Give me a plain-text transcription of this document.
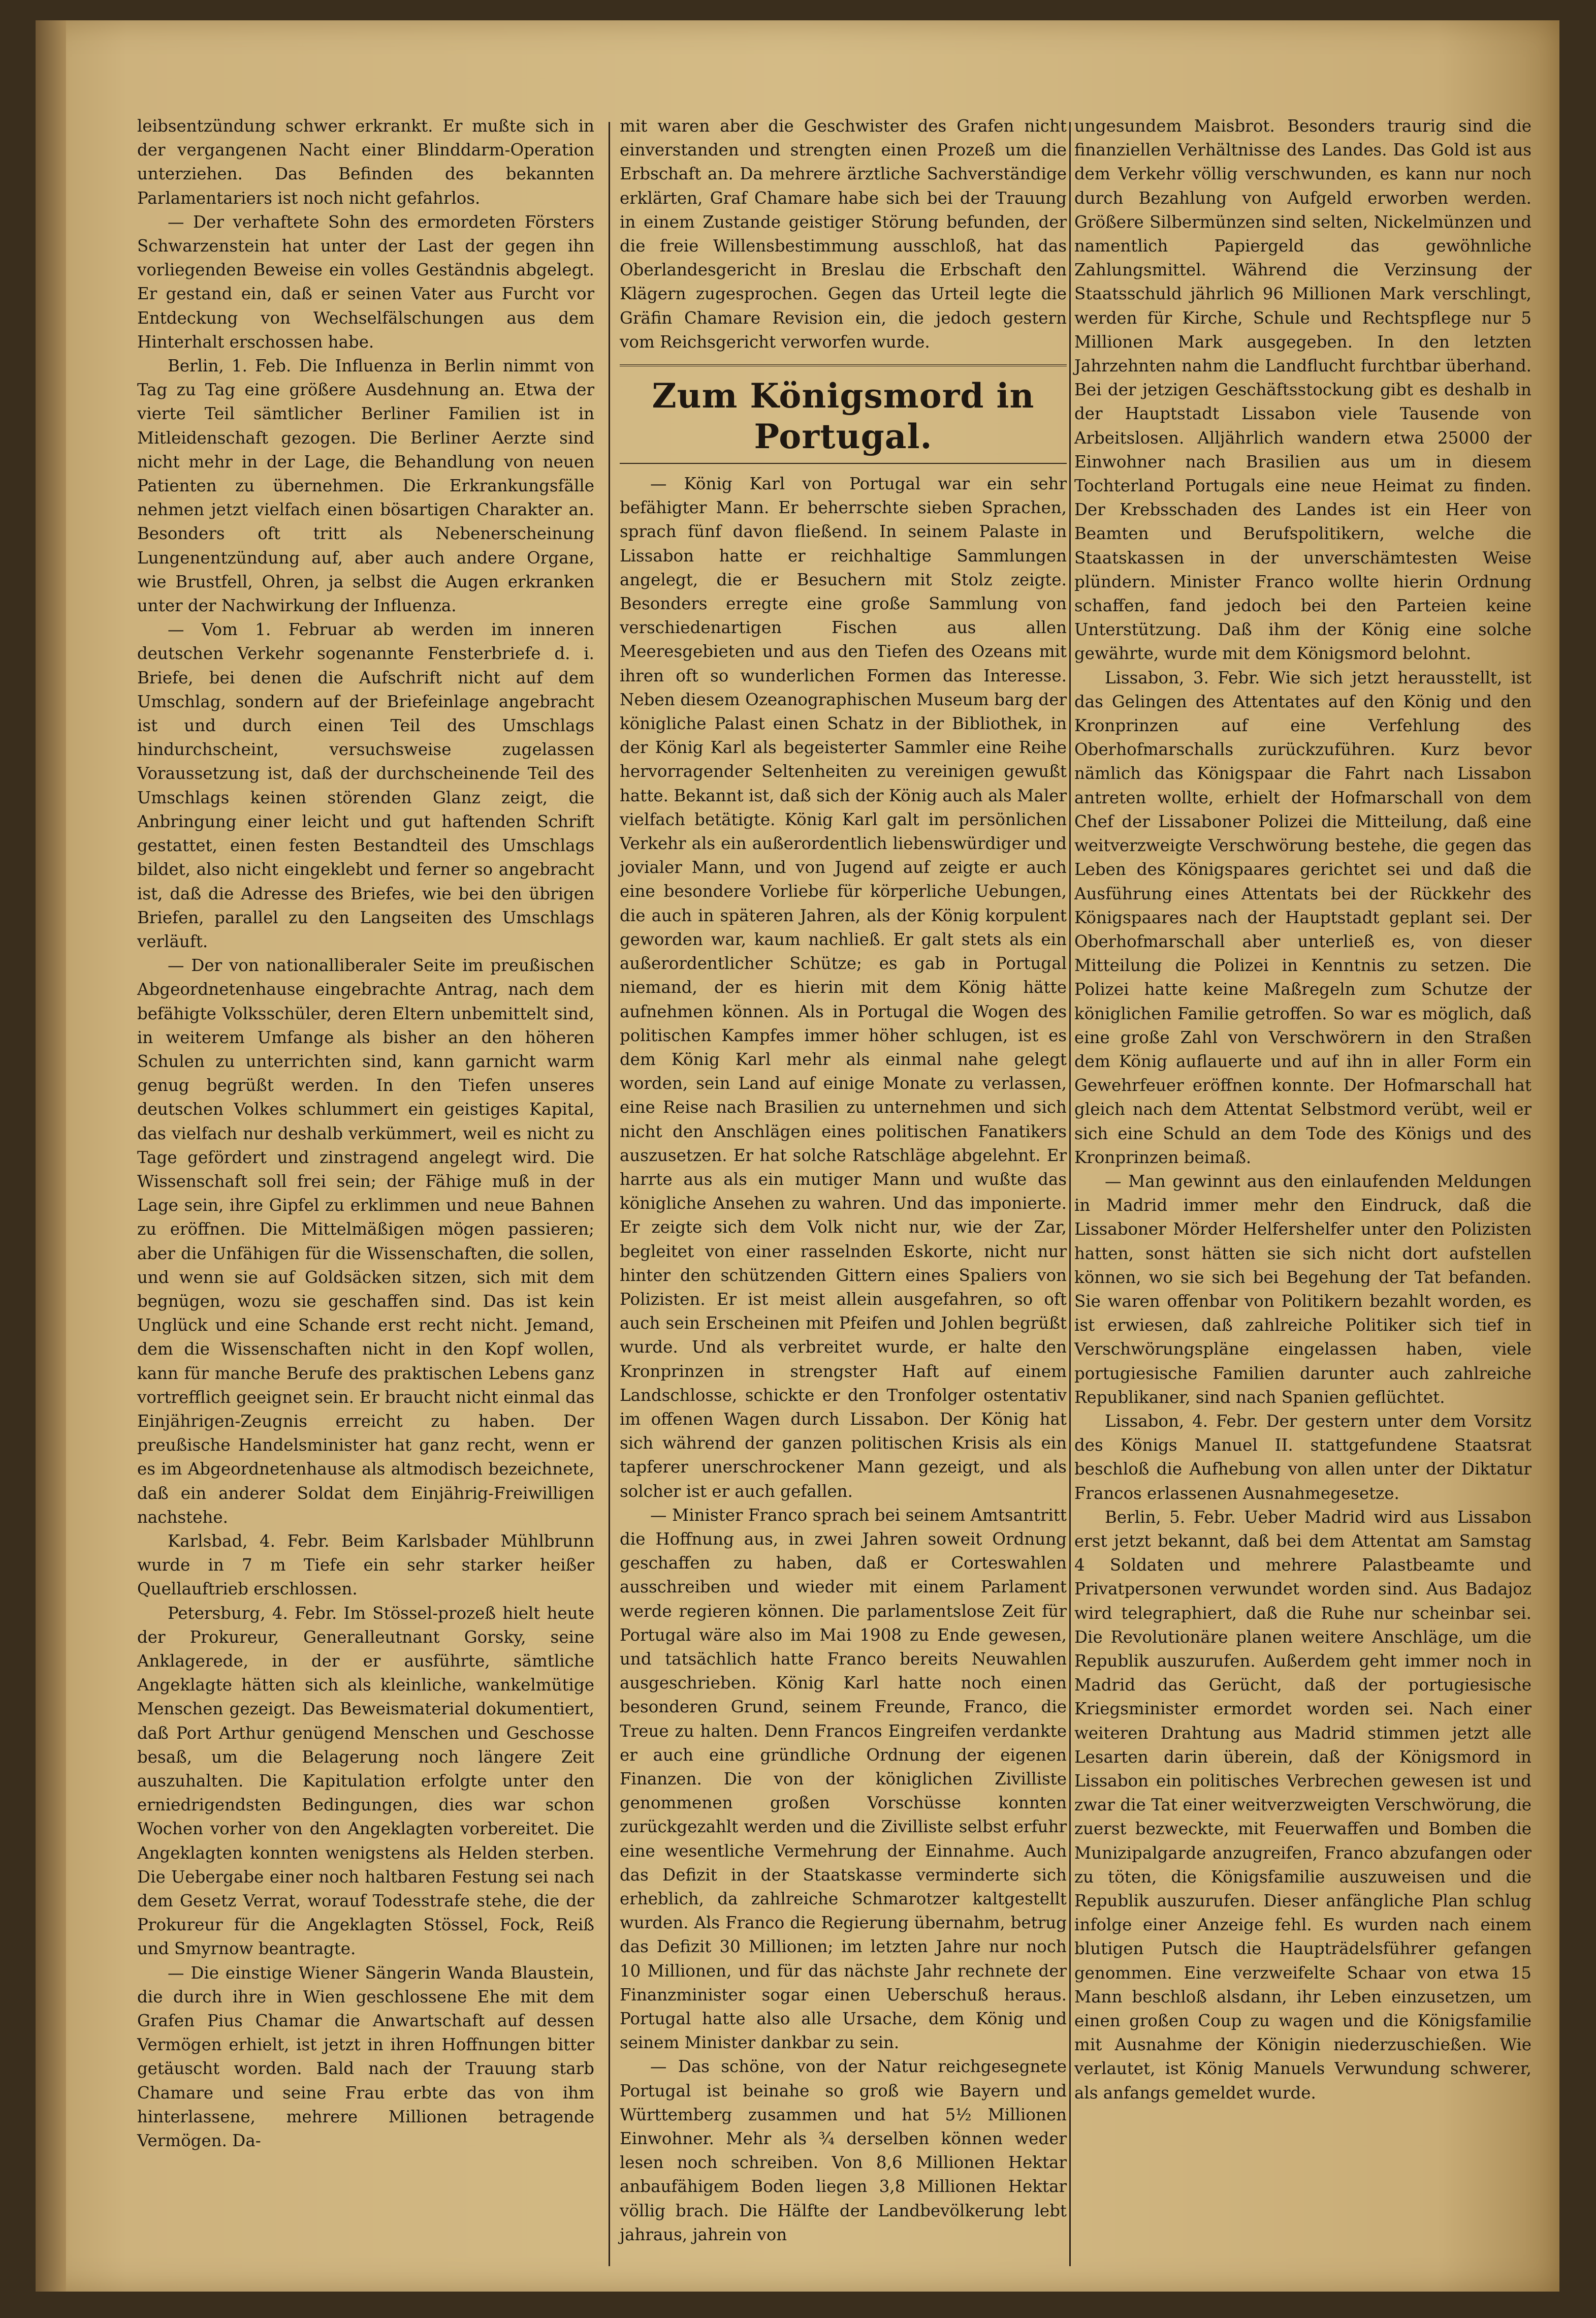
leibsentzündung schwer erkrankt. Er mußte sich in der vergangenen Nacht einer Blinddarm-Operation unterziehen. Das Befinden des bekannten Parlamentariers ist noch nicht gefahrlos.

— Der verhaftete Sohn des ermordeten Försters Schwarzenstein hat unter der Last der gegen ihn vorliegenden Beweise ein volles Geständnis abgelegt. Er gestand ein, daß er seinen Vater aus Furcht vor Entdeckung von Wechselfälschungen aus dem Hinterhalt erschossen habe.

Berlin, 1. Feb. Die Influenza in Berlin nimmt von Tag zu Tag eine größere Ausdehnung an. Etwa der vierte Teil sämtlicher Berliner Familien ist in Mitleidenschaft gezogen. Die Berliner Aerzte sind nicht mehr in der Lage, die Behandlung von neuen Patienten zu übernehmen. Die Erkrankungsfälle nehmen jetzt vielfach einen bösartigen Charakter an. Besonders oft tritt als Nebenerscheinung Lungenentzündung auf, aber auch andere Organe, wie Brustfell, Ohren, ja selbst die Augen erkranken unter der Nachwirkung der Influenza.

— Vom 1. Februar ab werden im inneren deutschen Verkehr sogenannte Fensterbriefe d. i. Briefe, bei denen die Aufschrift nicht auf dem Umschlag, sondern auf der Briefeinlage angebracht ist und durch einen Teil des Umschlags hindurchscheint, versuchsweise zugelassen Voraussetzung ist, daß der durchscheinende Teil des Umschlags keinen störenden Glanz zeigt, die Anbringung einer leicht und gut haftenden Schrift gestattet, einen festen Bestandteil des Umschlags bildet, also nicht eingeklebt und ferner so angebracht ist, daß die Adresse des Briefes, wie bei den übrigen Briefen, parallel zu den Langseiten des Umschlags verläuft.

— Der von nationalliberaler Seite im preußischen Abgeordnetenhause eingebrachte Antrag, nach dem befähigte Volksschüler, deren Eltern unbemittelt sind, in weiterem Umfange als bisher an den höheren Schulen zu unterrichten sind, kann garnicht warm genug begrüßt werden. In den Tiefen unseres deutschen Volkes schlummert ein geistiges Kapital, das vielfach nur deshalb verkümmert, weil es nicht zu Tage gefördert und zinstragend angelegt wird. Die Wissenschaft soll frei sein; der Fähige muß in der Lage sein, ihre Gipfel zu erklimmen und neue Bahnen zu eröffnen. Die Mittelmäßigen mögen passieren; aber die Unfähigen für die Wissenschaften, die sollen, und wenn sie auf Goldsäcken sitzen, sich mit dem begnügen, wozu sie geschaffen sind. Das ist kein Unglück und eine Schande erst recht nicht. Jemand, dem die Wissenschaften nicht in den Kopf wollen, kann für manche Berufe des praktischen Lebens ganz vortrefflich geeignet sein. Er braucht nicht einmal das Einjährigen-Zeugnis erreicht zu haben. Der preußische Handelsminister hat ganz recht, wenn er es im Abgeordnetenhause als altmodisch bezeichnete, daß ein anderer Soldat dem Einjährig-Freiwilligen nachstehe.

Karlsbad, 4. Febr. Beim Karlsbader Mühlbrunn wurde in 7 m Tiefe ein sehr starker heißer Quellauftrieb erschlossen.

Petersburg, 4. Febr. Im Stössel-prozeß hielt heute der Prokureur, Generalleutnant Gorsky, seine Anklagerede, in der er ausführte, sämtliche Angeklagte hätten sich als kleinliche, wankelmütige Menschen gezeigt. Das Beweismaterial dokumentiert, daß Port Arthur genügend Menschen und Geschosse besaß, um die Belagerung noch längere Zeit auszuhalten. Die Kapitulation erfolgte unter den erniedrigendsten Bedingungen, dies war schon Wochen vorher von den Angeklagten vorbereitet. Die Angeklagten konnten wenigstens als Helden sterben. Die Uebergabe einer noch haltbaren Festung sei nach dem Gesetz Verrat, worauf Todesstrafe stehe, die der Prokureur für die Angeklagten Stössel, Fock, Reiß und Smyrnow beantragte.

— Die einstige Wiener Sängerin Wanda Blaustein, die durch ihre in Wien geschlossene Ehe mit dem Grafen Pius Chamar die Anwartschaft auf dessen Vermögen erhielt, ist jetzt in ihren Hoffnungen bitter getäuscht worden. Bald nach der Trauung starb Chamare und seine Frau erbte das von ihm hinterlassene, mehrere Millionen betragende Vermögen. Da-

mit waren aber die Geschwister des Grafen nicht einverstanden und strengten einen Prozeß um die Erbschaft an. Da mehrere ärztliche Sachverständige erklärten, Graf Chamare habe sich bei der Trauung in einem Zustande geistiger Störung befunden, der die freie Willensbestimmung ausschloß, hat das Oberlandesgericht in Breslau die Erbschaft den Klägern zugesprochen. Gegen das Urteil legte die Gräfin Chamare Revision ein, die jedoch gestern vom Reichsgericht verworfen wurde.

Zum Königsmord in Portugal.

— König Karl von Portugal war ein sehr befähigter Mann. Er beherrschte sieben Sprachen, sprach fünf davon fließend. In seinem Palaste in Lissabon hatte er reichhaltige Sammlungen angelegt, die er Besuchern mit Stolz zeigte. Besonders erregte eine große Sammlung von verschiedenartigen Fischen aus allen Meeresgebieten und aus den Tiefen des Ozeans mit ihren oft so wunderlichen Formen das Interesse. Neben diesem Ozeanographischen Museum barg der königliche Palast einen Schatz in der Bibliothek, in der König Karl als begeisterter Sammler eine Reihe hervorragender Seltenheiten zu vereinigen gewußt hatte. Bekannt ist, daß sich der König auch als Maler vielfach betätigte. König Karl galt im persönlichen Verkehr als ein außerordentlich liebenswürdiger und jovialer Mann, und von Jugend auf zeigte er auch eine besondere Vorliebe für körperliche Uebungen, die auch in späteren Jahren, als der König korpulent geworden war, kaum nachließ. Er galt stets als ein außerordentlicher Schütze; es gab in Portugal niemand, der es hierin mit dem König hätte aufnehmen können. Als in Portugal die Wogen des politischen Kampfes immer höher schlugen, ist es dem König Karl mehr als einmal nahe gelegt worden, sein Land auf einige Monate zu verlassen, eine Reise nach Brasilien zu unternehmen und sich nicht den Anschlägen eines politischen Fanatikers auszusetzen. Er hat solche Ratschläge abgelehnt. Er harrte aus als ein mutiger Mann und wußte das königliche Ansehen zu wahren. Und das imponierte. Er zeigte sich dem Volk nicht nur, wie der Zar, begleitet von einer rasselnden Eskorte, nicht nur hinter den schützenden Gittern eines Spaliers von Polizisten. Er ist meist allein ausgefahren, so oft auch sein Erscheinen mit Pfeifen und Johlen begrüßt wurde. Und als verbreitet wurde, er halte den Kronprinzen in strengster Haft auf einem Landschlosse, schickte er den Tronfolger ostentativ im offenen Wagen durch Lissabon. Der König hat sich während der ganzen politischen Krisis als ein tapferer unerschrockener Mann gezeigt, und als solcher ist er auch gefallen.

— Minister Franco sprach bei seinem Amtsantritt die Hoffnung aus, in zwei Jahren soweit Ordnung geschaffen zu haben, daß er Corteswahlen ausschreiben und wieder mit einem Parlament werde regieren können. Die parlamentslose Zeit für Portugal wäre also im Mai 1908 zu Ende gewesen, und tatsächlich hatte Franco bereits Neuwahlen ausgeschrieben. König Karl hatte noch einen besonderen Grund, seinem Freunde, Franco, die Treue zu halten. Denn Francos Eingreifen verdankte er auch eine gründliche Ordnung der eigenen Finanzen. Die von der königlichen Zivilliste genommenen großen Vorschüsse konnten zurückgezahlt werden und die Zivilliste selbst erfuhr eine wesentliche Vermehrung der Einnahme. Auch das Defizit in der Staatskasse verminderte sich erheblich, da zahlreiche Schmarotzer kaltgestellt wurden. Als Franco die Regierung übernahm, betrug das Defizit 30 Millionen; im letzten Jahre nur noch 10 Millionen, und für das nächste Jahr rechnete der Finanzminister sogar einen Ueberschuß heraus. Portugal hatte also alle Ursache, dem König und seinem Minister dankbar zu sein.

— Das schöne, von der Natur reichgesegnete Portugal ist beinahe so groß wie Bayern und Württemberg zusammen und hat 5½ Millionen Einwohner. Mehr als ¾ derselben können weder lesen noch schreiben. Von 8,6 Millionen Hektar anbaufähigem Boden liegen 3,8 Millionen Hektar völlig brach. Die Hälfte der Landbevölkerung lebt jahraus, jahrein von

ungesundem Maisbrot. Besonders traurig sind die finanziellen Verhältnisse des Landes. Das Gold ist aus dem Verkehr völlig verschwunden, es kann nur noch durch Bezahlung von Aufgeld erworben werden. Größere Silbermünzen sind selten, Nickelmünzen und namentlich Papiergeld das gewöhnliche Zahlungsmittel. Während die Verzinsung der Staatsschuld jährlich 96 Millionen Mark verschlingt, werden für Kirche, Schule und Rechtspflege nur 5 Millionen Mark ausgegeben. In den letzten Jahrzehnten nahm die Landflucht furchtbar überhand. Bei der jetzigen Geschäftsstockung gibt es deshalb in der Hauptstadt Lissabon viele Tausende von Arbeitslosen. Alljährlich wandern etwa 25000 der Einwohner nach Brasilien aus um in diesem Tochterland Portugals eine neue Heimat zu finden. Der Krebsschaden des Landes ist ein Heer von Beamten und Berufspolitikern, welche die Staatskassen in der unverschämtesten Weise plündern. Minister Franco wollte hierin Ordnung schaffen, fand jedoch bei den Parteien keine Unterstützung. Daß ihm der König eine solche gewährte, wurde mit dem Königsmord belohnt.

Lissabon, 3. Febr. Wie sich jetzt herausstellt, ist das Gelingen des Attentates auf den König und den Kronprinzen auf eine Verfehlung des Oberhofmarschalls zurückzuführen. Kurz bevor nämlich das Königspaar die Fahrt nach Lissabon antreten wollte, erhielt der Hofmarschall von dem Chef der Lissaboner Polizei die Mitteilung, daß eine weitverzweigte Verschwörung bestehe, die gegen das Leben des Königspaares gerichtet sei und daß die Ausführung eines Attentats bei der Rückkehr des Königspaares nach der Hauptstadt geplant sei. Der Oberhofmarschall aber unterließ es, von dieser Mitteilung die Polizei in Kenntnis zu setzen. Die Polizei hatte keine Maßregeln zum Schutze der königlichen Familie getroffen. So war es möglich, daß eine große Zahl von Verschwörern in den Straßen dem König auflauerte und auf ihn in aller Form ein Gewehrfeuer eröffnen konnte. Der Hofmarschall hat gleich nach dem Attentat Selbstmord verübt, weil er sich eine Schuld an dem Tode des Königs und des Kronprinzen beimaß.

— Man gewinnt aus den einlaufenden Meldungen in Madrid immer mehr den Eindruck, daß die Lissaboner Mörder Helfershelfer unter den Polizisten hatten, sonst hätten sie sich nicht dort aufstellen können, wo sie sich bei Begehung der Tat befanden. Sie waren offenbar von Politikern bezahlt worden, es ist erwiesen, daß zahlreiche Politiker sich tief in Verschwörungspläne eingelassen haben, viele portugiesische Familien darunter auch zahlreiche Republikaner, sind nach Spanien geflüchtet.

Lissabon, 4. Febr. Der gestern unter dem Vorsitz des Königs Manuel II. stattgefundene Staatsrat beschloß die Aufhebung von allen unter der Diktatur Francos erlassenen Ausnahmegesetze.

Berlin, 5. Febr. Ueber Madrid wird aus Lissabon erst jetzt bekannt, daß bei dem Attentat am Samstag 4 Soldaten und mehrere Palastbeamte und Privatpersonen verwundet worden sind. Aus Badajoz wird telegraphiert, daß die Ruhe nur scheinbar sei. Die Revolutionäre planen weitere Anschläge, um die Republik auszurufen. Außerdem geht immer noch in Madrid das Gerücht, daß der portugiesische Kriegsminister ermordet worden sei. Nach einer weiteren Drahtung aus Madrid stimmen jetzt alle Lesarten darin überein, daß der Königsmord in Lissabon ein politisches Verbrechen gewesen ist und zwar die Tat einer weitverzweigten Verschwörung, die zuerst bezweckte, mit Feuerwaffen und Bomben die Munizipalgarde anzugreifen, Franco abzufangen oder zu töten, die Königsfamilie auszuweisen und die Republik auszurufen. Dieser anfängliche Plan schlug infolge einer Anzeige fehl. Es wurden nach einem blutigen Putsch die Haupträdelsführer gefangen genommen. Eine verzweifelte Schaar von etwa 15 Mann beschloß alsdann, ihr Leben einzusetzen, um einen großen Coup zu wagen und die Königsfamilie mit Ausnahme der Königin niederzuschießen. Wie verlautet, ist König Manuels Verwundung schwerer, als anfangs gemeldet wurde.
